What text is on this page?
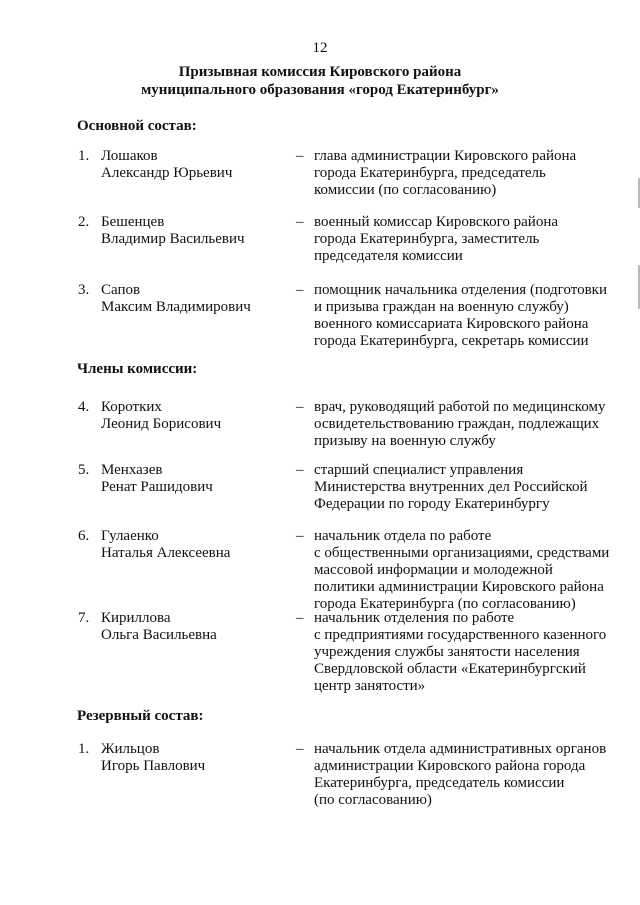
12
Призывная комиссия Кировского района
муниципального образования «город Екатеринбург»
Основной состав:
Члены комиссии:
Резервный состав:
1. Лошаков
Александр Юрьевич
– глава администрации Кировского района
города Екатеринбурга, председатель
комиссии (по согласованию)
2. Бешенцев
Владимир Васильевич
– военный комиссар Кировского района
города Екатеринбурга, заместитель
председателя комиссии
3. Сапов
Максим Владимирович
– помощник начальника отделения (подготовки
и призыва граждан на военную службу)
военного комиссариата Кировского района
города Екатеринбурга, секретарь комиссии
4. Коротких
Леонид Борисович
– врач, руководящий работой по медицинскому
освидетельствованию граждан, подлежащих
призыву на военную службу
5. Менхазев
Ренат Рашидович
– старший специалист управления
Министерства внутренних дел Российской
Федерации по городу Екатеринбургу
6. Гулаенко
Наталья Алексеевна
– начальник отдела по работе
с общественными организациями, средствами
массовой информации и молодежной
политики администрации Кировского района
города Екатеринбурга (по согласованию)
7. Кириллова
Ольга Васильевна
– начальник отделения по работе
с предприятиями государственного казенного
учреждения службы занятости населения
Свердловской области «Екатеринбургский
центр занятости»
1. Жильцов
Игорь Павлович
– начальник отдела административных органов
администрации Кировского района города
Екатеринбурга, председатель комиссии
(по согласованию)
